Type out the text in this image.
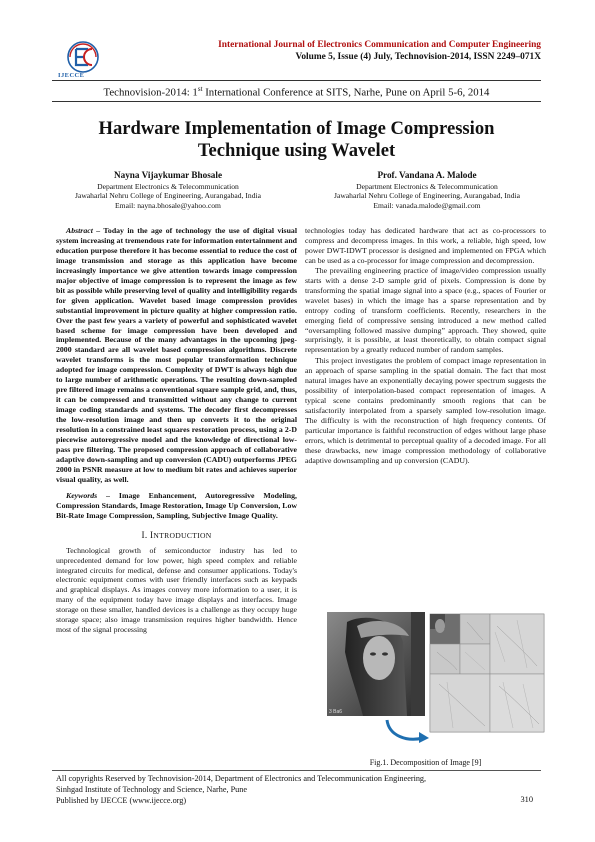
IJECCE
International Journal of Electronics Communication and Computer Engineering
Volume 5, Issue (4) July, Technovision-2014, ISSN 2249–071X
Technovision-2014: 1st International Conference at SITS, Narhe, Pune on April 5-6, 2014
Hardware Implementation of Image Compression
Technique using Wavelet
Nayna Vijaykumar Bhosale
Department Electronics & Telecommunication
Jawaharlal Nehru College of Engineering, Aurangabad, India
Email: nayna.bhosale@yahoo.com
Prof. Vandana A. Malode
Department Electronics & Telecommunication
Jawaharlal Nehru College of Engineering, Aurangabad, India
Email: vanada.malode@gmail.com

Abstract – Today in the age of technology the use of digital visual system increasing at tremendous rate for information entertainment and education purpose therefore it has become essential to reduce the cost of image transmission and storage as this application have become increasingly importance we give attention towards image compression major objective of image compression is to represent the image as few bit as possible while preserving level of quality and intelligibility regards for given application. Wavelet based image compression provides substantial improvement in picture quality at higher compression ratio. Over the past few years a variety of powerful and sophisticated wavelet based scheme for image compression have been developed and implemented. Because of the many advantages in the upcoming jpeg-2000 standard are all wavelet based compression algorithms. Discrete wavelet transforms is the most popular transformation technique adopted for image compression. Complexity of DWT is always high due to large number of arithmetic operations. The resulting down-sampled pre filtered image remains a conventional square sample grid, and, thus, it can be compressed and transmitted without any change to current image coding standards and systems. The decoder first decompresses the low-resolution image and then up converts it to the original resolution in a constrained least squares restoration process, using a 2-D piecewise autoregressive model and the knowledge of directional low-pass pre filtering. The proposed compression approach of collaborative adaptive down-sampling and up conversion (CADU) outperforms JPEG 2000 in PSNR measure at low to medium bit rates and achieves superior visual quality, as well.

Keywords – Image Enhancement, Autoregressive Modeling, Compression Standards, Image Restoration, Image Up Conversion, Low Bit-Rate Image Compression, Sampling, Subjective Image Quality.

I. INTRODUCTION

Technological growth of semiconductor industry has led to unprecedented demand for low power, high speed complex and reliable integrated circuits for medical, defense and consumer applications. Today's electronic equipment comes with user friendly interfaces such as keypads and graphical displays. As images convey more information to a user, it is many of the equipment today have image displays and interfaces. Image storage on these smaller, handled devices is a challenge as they occupy huge storage space; also image transmission requires higher bandwidth. Hence most of the signal processing

technologies today has dedicated hardware that act as co-processors to compress and decompress images. In this work, a reliable, high speed, low power DWT-IDWT processor is designed and implemented on FPGA which can be used as a co-processor for image compression and decompression.

The prevailing engineering practice of image/video compression usually starts with a dense 2-D sample grid of pixels. Compression is done by transforming the spatial image signal into a space (e.g., spaces of Fourier or wavelet bases) in which the image has a sparse representation and by entropy coding of transform coefficients. Recently, researchers in the emerging field of compressive sensing introduced a new method called “oversampling followed massive dumping” approach. They showed, quite surprisingly, it is possible, at least theoretically, to obtain compact signal representation by a greatly reduced number of random samples.

This project investigates the problem of compact image representation in an approach of sparse sampling in the spatial domain. The fact that most natural images have an exponentially decaying power spectrum suggests the possibility of interpolation-based compact representation of images. A typical scene contains predominantly smooth regions that can be satisfactorily interpolated from a sparsely sampled low-resolution image. The difficulty is with the reconstruction of high frequency contents. Of particular importance is faithful reconstruction of edges without large phase errors, which is detrimental to perceptual quality of a decoded image. For all these drawbacks, new image compression methodology of collaborative adaptive downsampling and up conversion (CADU).

3 Ba6
Fig.1. Decomposition of Image [9]
All copyrights Reserved by Technovision-2014, Department of Electronics and Telecommunication Engineering,
Sinhgad Institute of Technology and Science, Narhe, Pune
Published by IJECCE (www.ijecce.org)	310
